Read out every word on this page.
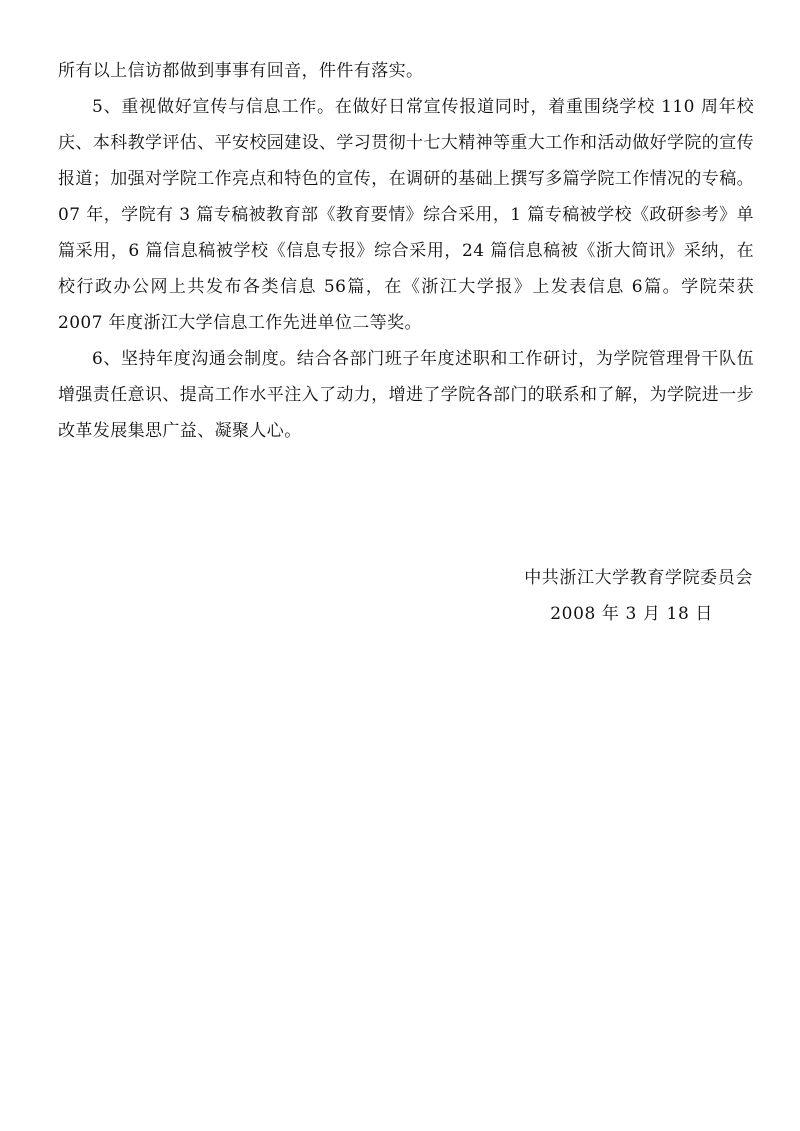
所有以上信访都做到事事有回音，件件有落实。

5、重视做好宣传与信息工作。在做好日常宣传报道同时，着重围绕学校 110 周年校庆、本科教学评估、平安校园建设、学习贯彻十七大精神等重大工作和活动做好学院的宣传报道；加强对学院工作亮点和特色的宣传，在调研的基础上撰写多篇学院工作情况的专稿。07 年，学院有 3 篇专稿被教育部《教育要情》综合采用，1 篇专稿被学校《政研参考》单篇采用，6 篇信息稿被学校《信息专报》综合采用，24 篇信息稿被《浙大简讯》采纳，在校行政办公网上共发布各类信息 56篇，在《浙江大学报》上发表信息 6篇。学院荣获 2007 年度浙江大学信息工作先进单位二等奖。

6、坚持年度沟通会制度。结合各部门班子年度述职和工作研讨，为学院管理骨干队伍增强责任意识、提高工作水平注入了动力，增进了学院各部门的联系和了解，为学院进一步改革发展集思广益、凝聚人心。

中共浙江大学教育学院委员会
2008 年 3 月 18 日
